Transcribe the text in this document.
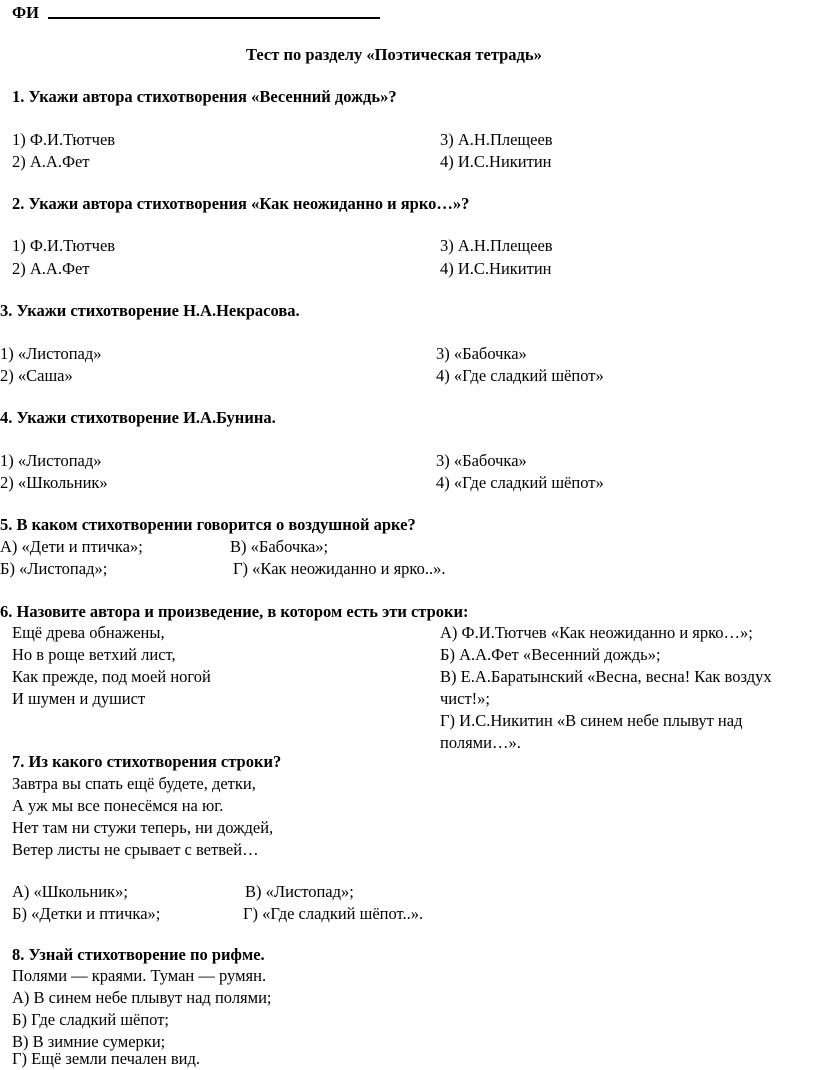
ФИ
Тест по разделу «Поэтическая тетрадь»
1. Укажи автора стихотворения «Весенний дождь»?
1) Ф.И.Тютчев
2) А.А.Фет
3) А.Н.Плещеев
4) И.С.Никитин
2. Укажи автора стихотворения «Как неожиданно и ярко…»?
1) Ф.И.Тютчев
2) А.А.Фет
3) А.Н.Плещеев
4) И.С.Никитин
3. Укажи стихотворение Н.А.Некрасова.
1) «Листопад»
2) «Саша»
3) «Бабочка»
4) «Где сладкий шёпот»
4. Укажи стихотворение И.А.Бунина.
1) «Листопад»
2) «Школьник»
3) «Бабочка»
4) «Где сладкий шёпот»
5. В каком стихотворении говорится о воздушной арке?
А) «Дети и птичка»;
Б) «Листопад»;
В) «Бабочка»;
Г) «Как неожиданно и ярко..».
6. Назовите автора и произведение, в котором есть эти строки:
Ещё древа обнажены,
Но в роще ветхий лист,
Как прежде, под моей ногой
И шумен и душист
А) Ф.И.Тютчев «Как неожиданно и ярко…»;
Б) А.А.Фет «Весенний дождь»;
В) Е.А.Баратынский «Весна, весна! Как воздух
чист!»;
Г) И.С.Никитин «В синем небе плывут над
полями…».
7. Из какого стихотворения строки?
Завтра вы спать ещё будете, детки,
А уж мы все понесёмся на юг.
Нет там ни стужи теперь, ни дождей,
Ветер листы не срывает с ветвей…
А) «Школьник»;
Б) «Детки и птичка»;
В) «Листопад»;
Г) «Где сладкий шёпот..».
8. Узнай стихотворение по рифме.
Полями — краями. Туман — румян.
А) В синем небе плывут над полями;
Б) Где сладкий шёпот;
В) В зимние сумерки;
Г) Ещё земли печален вид.
